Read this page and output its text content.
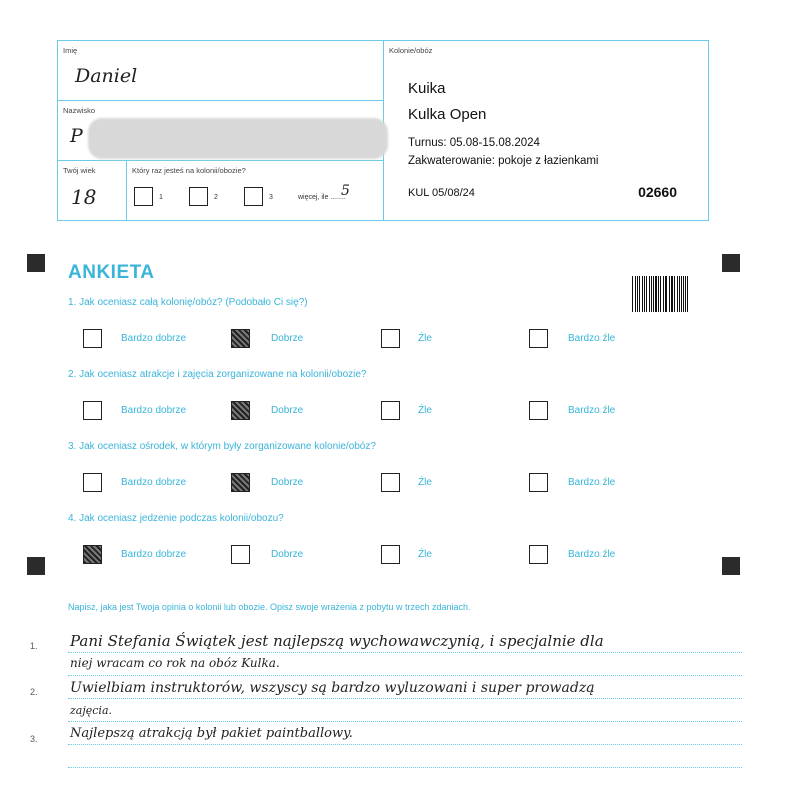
Imię
Daniel
Nazwisko
P
Twój wiek
18
Który raz jesteś na kolonii/obozie?
1	2	3	więcej, ile ........
5
Kolonie/obóz
Kuika
Kulka Open
Turnus: 05.08-15.08.2024
Zakwaterowanie: pokoje z łazienkami
KUL 05/08/24	02660
ANKIETA
1. Jak oceniasz całą kolonię/obóz? (Podobało Ci się?)
Bardzo dobrze	Dobrze	Źle	Bardzo źle
2. Jak oceniasz atrakcje i zajęcia zorganizowane na kolonii/obozie?
Bardzo dobrze	Dobrze	Źle	Bardzo źle
3. Jak oceniasz ośrodek, w którym były zorganizowane kolonie/obóz?
Bardzo dobrze	Dobrze	Źle	Bardzo źle
4. Jak oceniasz jedzenie podczas kolonii/obozu?
Bardzo dobrze	Dobrze	Źle	Bardzo źle
Napisz, jaka jest Twoja opinia o kolonii lub obozie. Opisz swoje wrażenia z pobytu w trzech zdaniach.
1.
2.
3.
Pani Stefania Świątek jest najlepszą wychowawczynią, i specjalnie dla
niej wracam co rok na obóz Kulka.
Uwielbiam instruktorów, wszyscy są bardzo wyluzowani i super prowadzą
zajęcia.
Najlepszą atrakcją był pakiet paintballowy.
